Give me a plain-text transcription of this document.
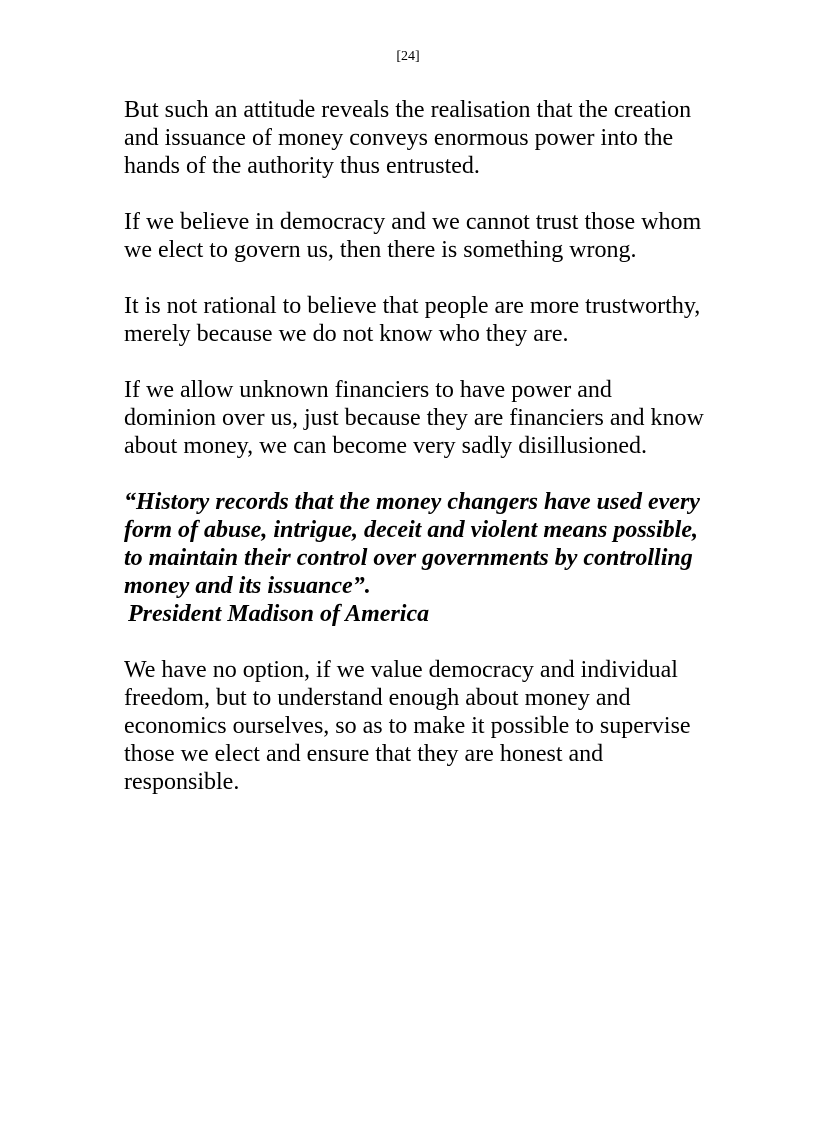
[24]

But such an attitude reveals the realisation that the creation and issuance of money conveys enormous power into the hands of the authority thus entrusted.

If we believe in democracy and we cannot trust those whom we elect to govern us, then there is something wrong.

It is not rational to believe that people are more trustworthy, merely because we do not know who they are.

If we allow unknown financiers to have power and dominion over us, just because they are financiers and know about money, we can become very sadly disillusioned.

“History records that the money changers have used every form of abuse, intrigue, deceit and violent means possible, to maintain their control over governments by controlling money and its issuance”.

President Madison of America

We have no option, if we value democracy and individual freedom, but to understand enough about money and economics ourselves, so as to make it possible to supervise those we elect and ensure that they are honest and responsible.
